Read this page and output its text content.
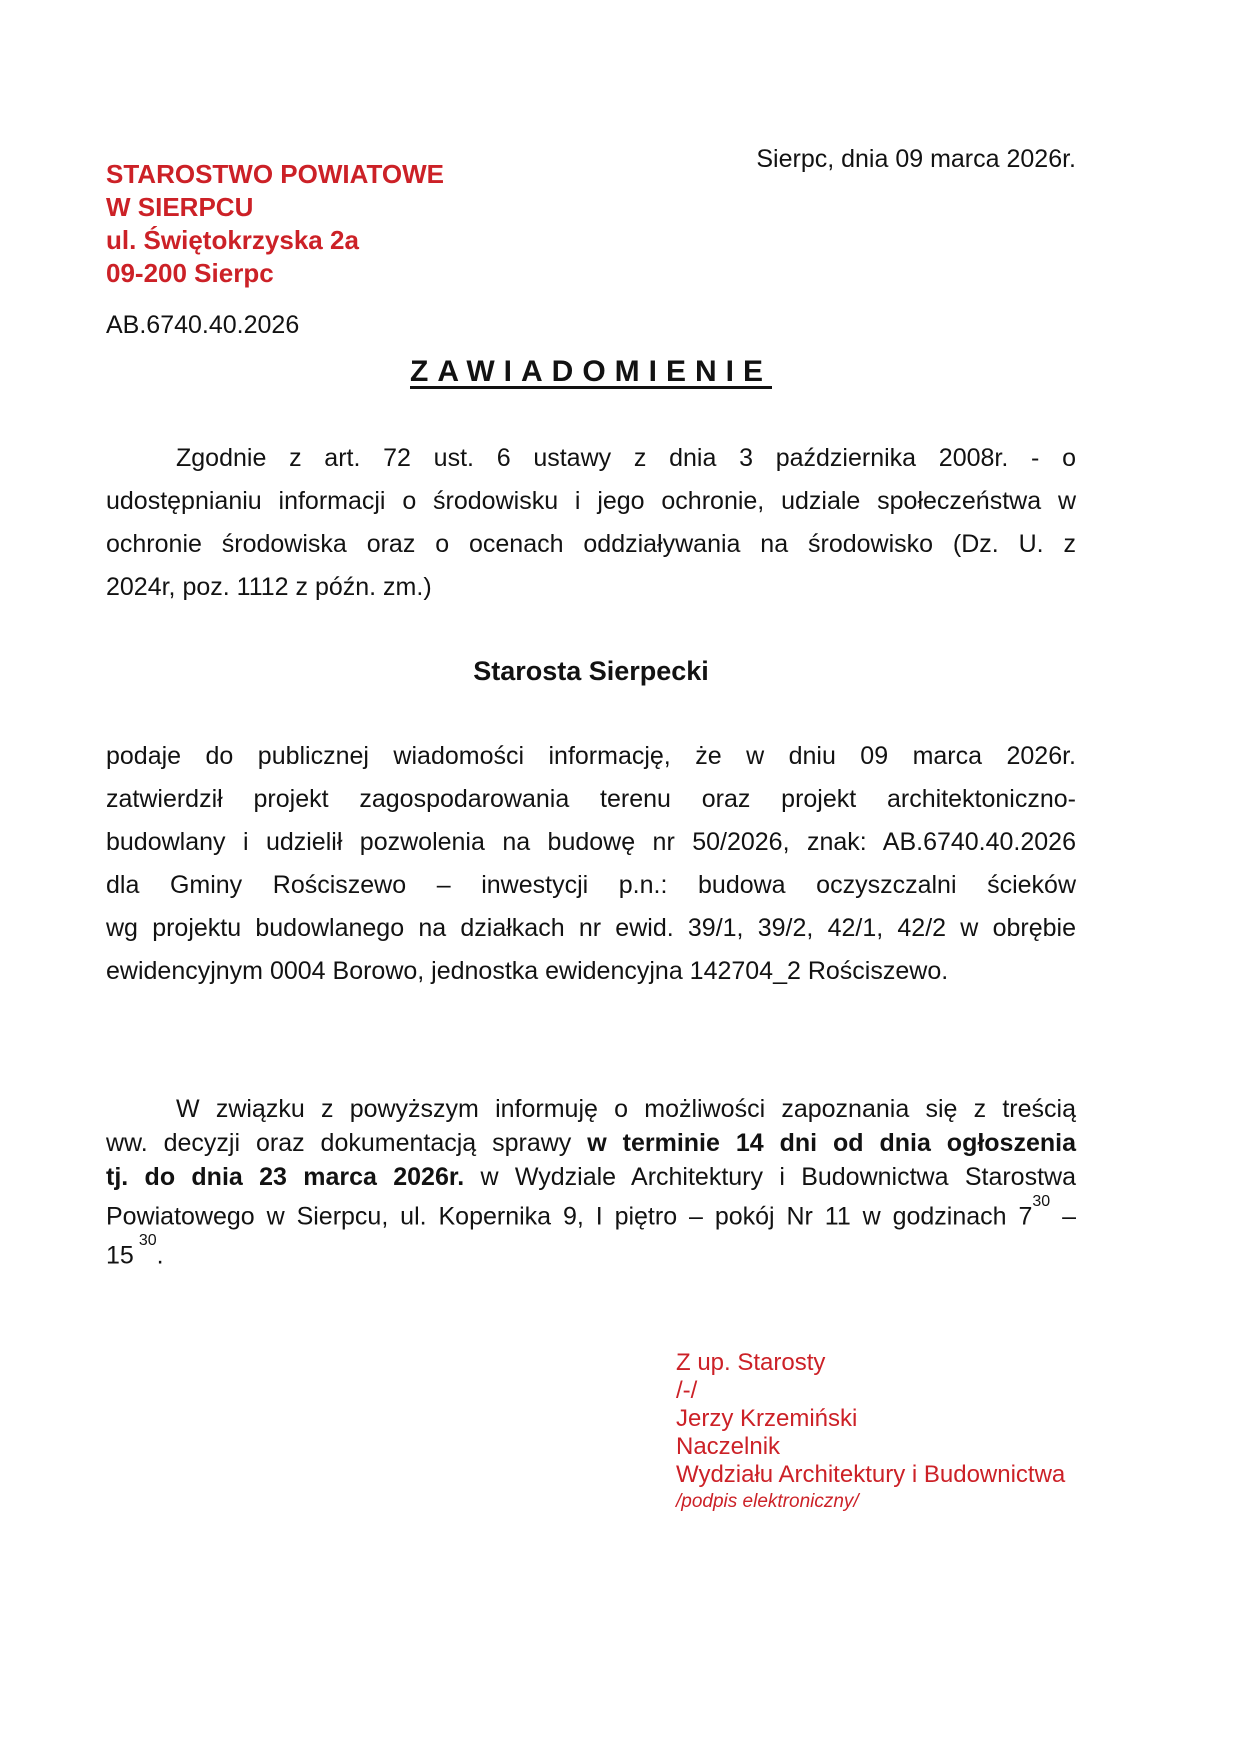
Sierpc, dnia 09 marca 2026r.
STAROSTWO POWIATOWE
W SIERPCU
ul. Świętokrzyska 2a
09-200 Sierpc
AB.6740.40.2026
ZAWIADOMIENIE
Zgodnie z art. 72 ust. 6 ustawy z dnia 3 października 2008r. - o
udostępnianiu informacji o środowisku i jego ochronie, udziale społeczeństwa w
ochronie środowiska oraz o ocenach oddziaływania na środowisko (Dz. U. z
2024r, poz. 1112 z późn. zm.)
Starosta Sierpecki
podaje do publicznej wiadomości informację, że w dniu 09 marca 2026r.
zatwierdził projekt zagospodarowania terenu oraz projekt architektoniczno-
budowlany i udzielił pozwolenia na budowę nr 50/2026, znak: AB.6740.40.2026
dla Gminy Rościszewo – inwestycji p.n.: budowa oczyszczalni ścieków
wg projektu budowlanego na działkach nr ewid. 39/1, 39/2, 42/1, 42/2 w obrębie
ewidencyjnym 0004 Borowo, jednostka ewidencyjna 142704_2 Rościszewo.
W związku z powyższym informuję o możliwości zapoznania się z treścią
ww. decyzji oraz dokumentacją sprawy w terminie 14 dni od dnia ogłoszenia
tj. do dnia 23 marca 2026r. w Wydziale Architektury i Budownictwa Starostwa
Powiatowego w Sierpcu, ul. Kopernika 9, I piętro – pokój Nr 11 w godzinach $7^{30}$ –
$15^{30}$.
Z up. Starosty
/-/
Jerzy Krzemiński
Naczelnik
Wydziału Architektury i Budownictwa
/podpis elektroniczny/
